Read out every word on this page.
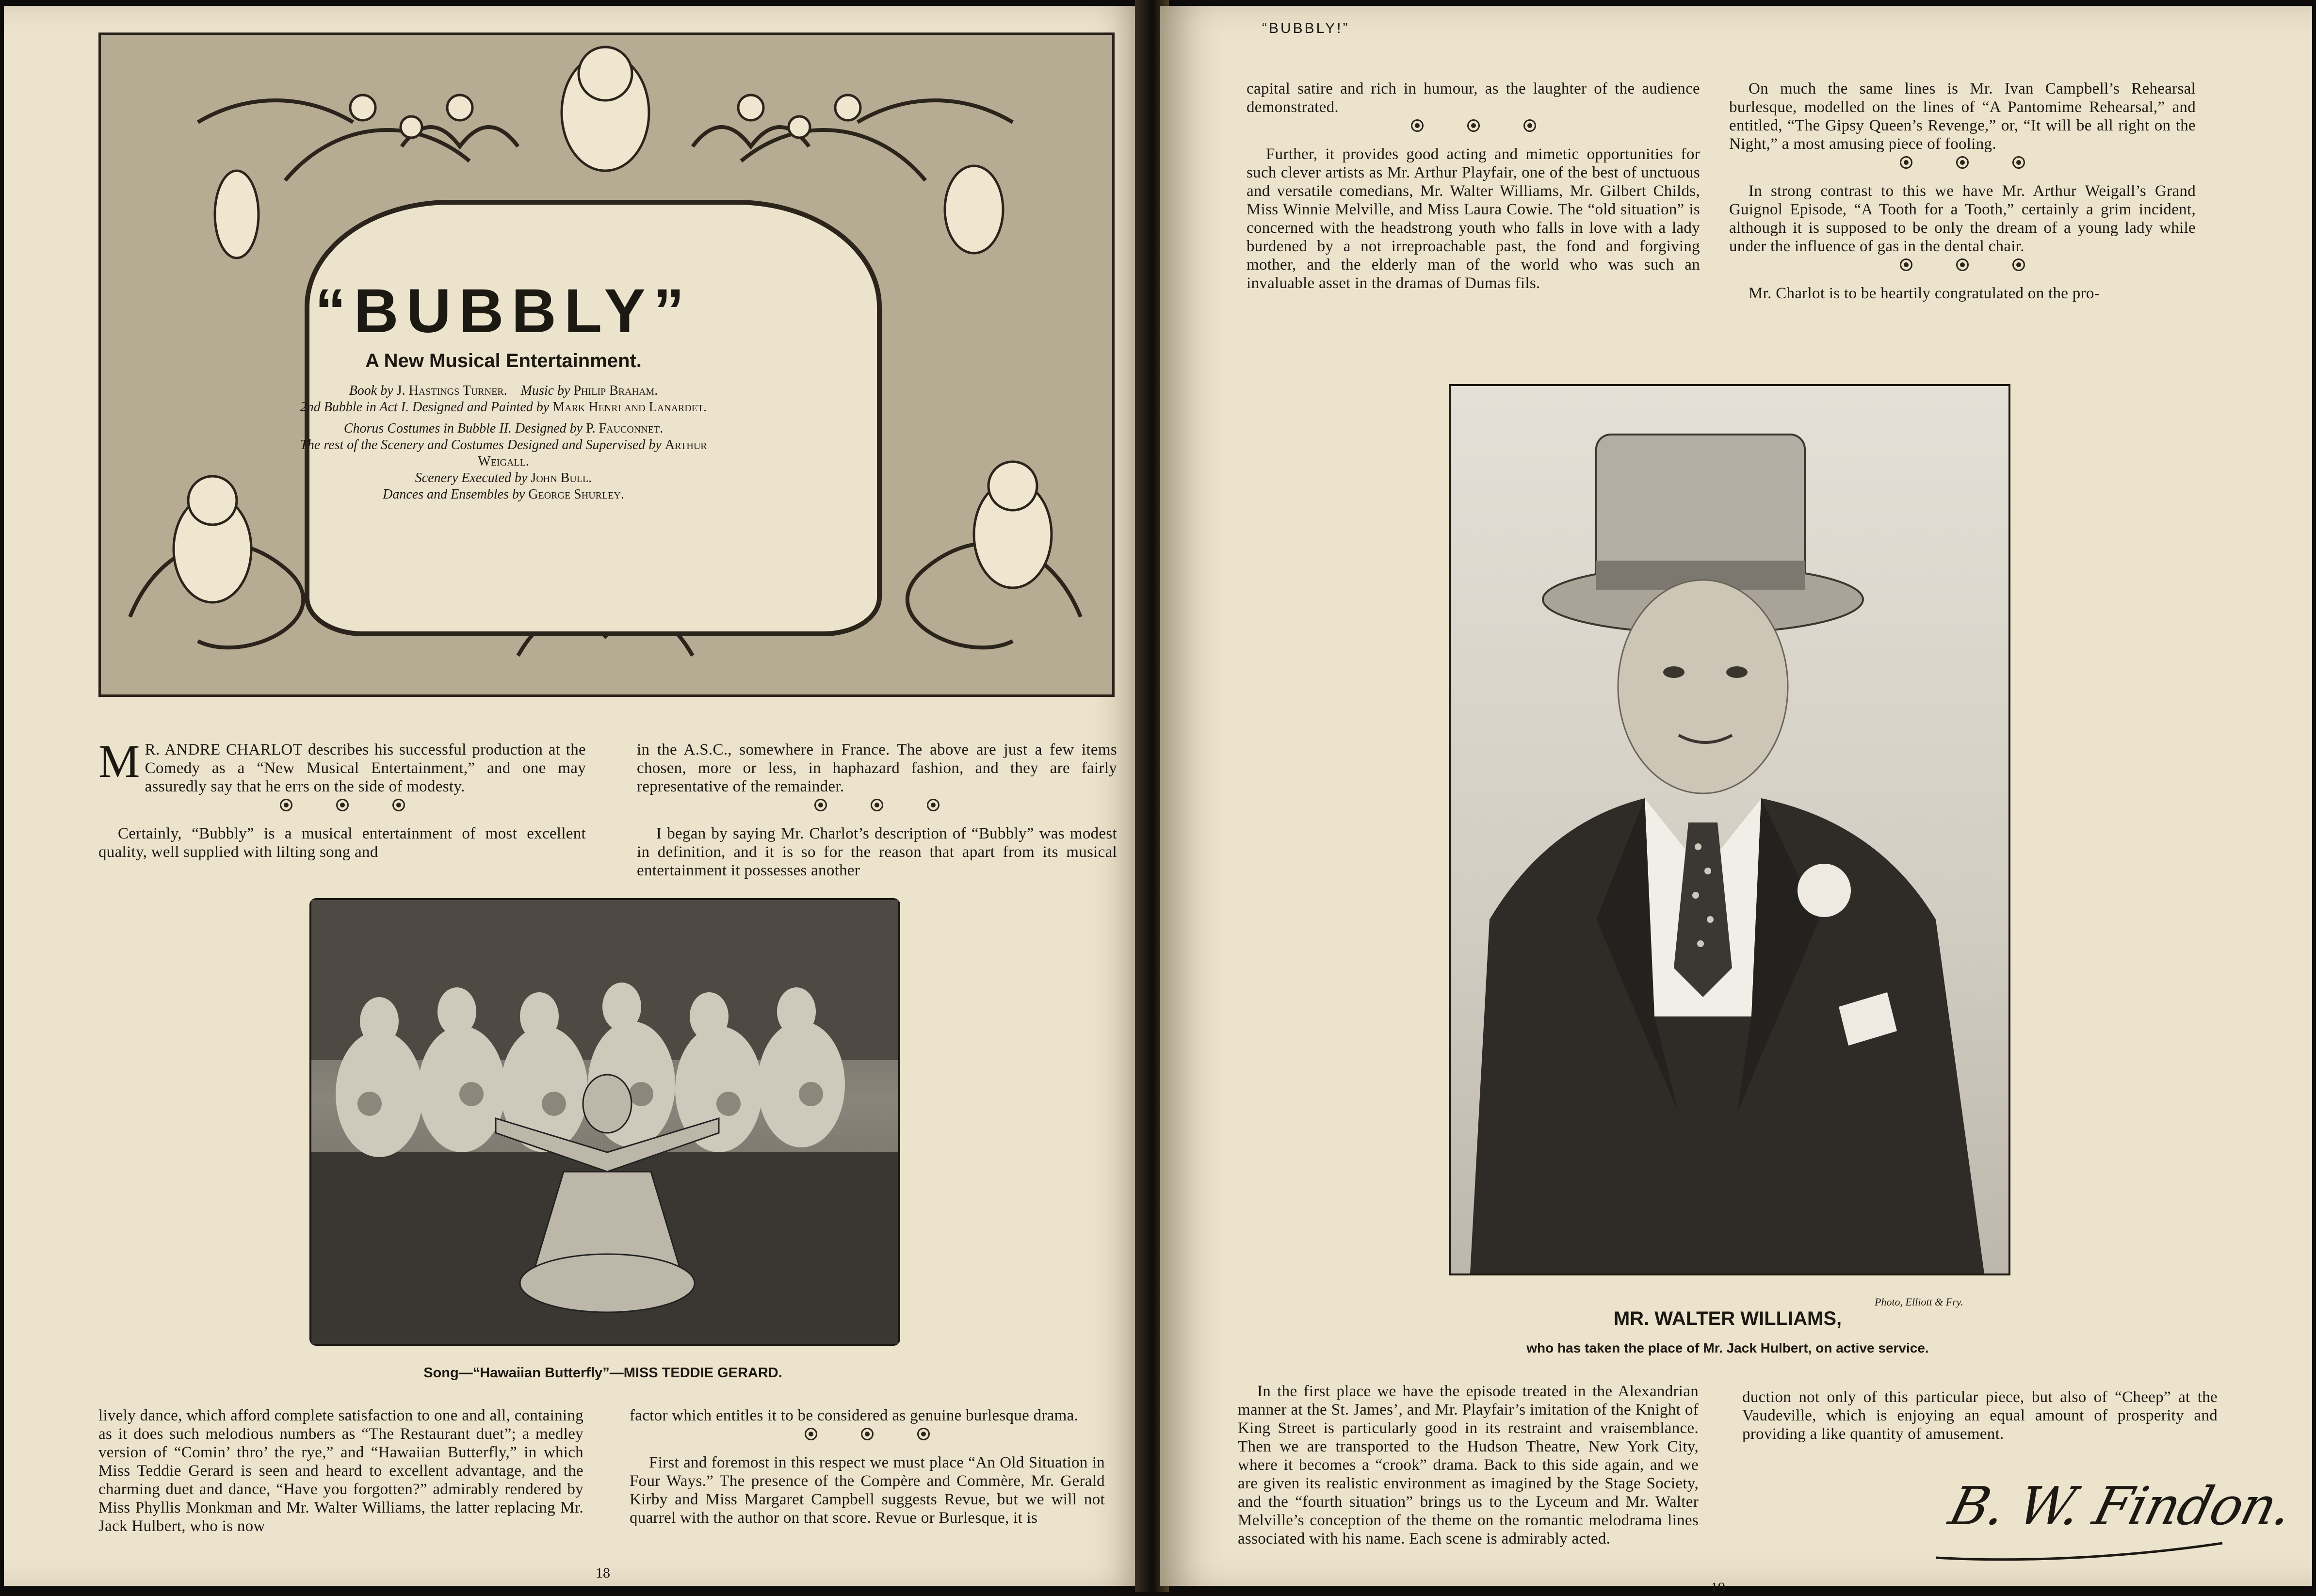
“BUBBLY”
A New Musical Entertainment.
Book by J. Hastings Turner. Music by Philip Braham.
2nd Bubble in Act I. Designed and Painted by Mark Henri and Lanardet.
Chorus Costumes in Bubble II. Designed by P. Fauconnet.
The rest of the Scenery and Costumes Designed and Supervised by Arthur Weigall.
Scenery Executed by John Bull.
Dances and Ensembles by George Shurley.

M R. ANDRE CHARLOT describes his successful production at the Comedy as a “New Musical Entertainment,” and one may assuredly say that he errs on the side of modesty.

Certainly, “Bubbly” is a musical entertainment of most excellent quality, well supplied with lilting song and

in the A.S.C., somewhere in France. The above are just a few items chosen, more or less, in haphazard fashion, and they are fairly representative of the remainder.

I began by saying Mr. Charlot’s description of “Bubbly” was modest in definition, and it is so for the reason that apart from its musical entertainment it possesses another

Song—“Hawaiian Butterfly”—MISS TEDDIE GERARD.

lively dance, which afford complete satisfaction to one and all, containing as it does such melodious numbers as “The Restaurant duet”; a medley version of “Comin’ thro’ the rye,” and “Hawaiian Butterfly,” in which Miss Teddie Gerard is seen and heard to excellent advantage, and the charming duet and dance, “Have you forgotten?” admirably rendered by Miss Phyllis Monkman and Mr. Walter Williams, the latter replacing Mr. Jack Hulbert, who is now

factor which entitles it to be considered as genuine burlesque drama.

First and foremost in this respect we must place “An Old Situation in Four Ways.” The presence of the Compère and Commère, Mr. Gerald Kirby and Miss Margaret Campbell suggests Revue, but we will not quarrel with the author on that score. Revue or Burlesque, it is

18
“BUBBLY!”

capital satire and rich in humour, as the laughter of the audience demonstrated.

Further, it provides good acting and mimetic opportunities for such clever artists as Mr. Arthur Playfair, one of the best of unctuous and versatile comedians, Mr. Walter Williams, Mr. Gilbert Childs, Miss Winnie Melville, and Miss Laura Cowie. The “old situation” is concerned with the headstrong youth who falls in love with a lady burdened by a not irreproachable past, the fond and forgiving mother, and the elderly man of the world who was such an invaluable asset in the dramas of Dumas fils.

On much the same lines is Mr. Ivan Campbell’s Rehearsal burlesque, modelled on the lines of “A Pantomime Rehearsal,” and entitled, “The Gipsy Queen’s Revenge,” or, “It will be all right on the Night,” a most amusing piece of fooling.

In strong contrast to this we have Mr. Arthur Weigall’s Grand Guignol Episode, “A Tooth for a Tooth,” certainly a grim incident, although it is supposed to be only the dream of a young lady while under the influence of gas in the dental chair.

Mr. Charlot is to be heartily congratulated on the pro-

Photo, Elliott & Fry.
MR. WALTER WILLIAMS,
who has taken the place of Mr. Jack Hulbert, on active service.

In the first place we have the episode treated in the Alexandrian manner at the St. James’, and Mr. Playfair’s imitation of the Knight of King Street is particularly good in its restraint and vraisemblance. Then we are transported to the Hudson Theatre, New York City, where it becomes a “crook” drama. Back to this side again, and we are given its realistic environment as imagined by the Stage Society, and the “fourth situation” brings us to the Lyceum and Mr. Walter Melville’s conception of the theme on the romantic melodrama lines associated with his name. Each scene is admirably acted.

duction not only of this particular piece, but also of “Cheep” at the Vaudeville, which is enjoying an equal amount of prosperity and providing a like quantity of amusement.

B. W. Findon.
19
